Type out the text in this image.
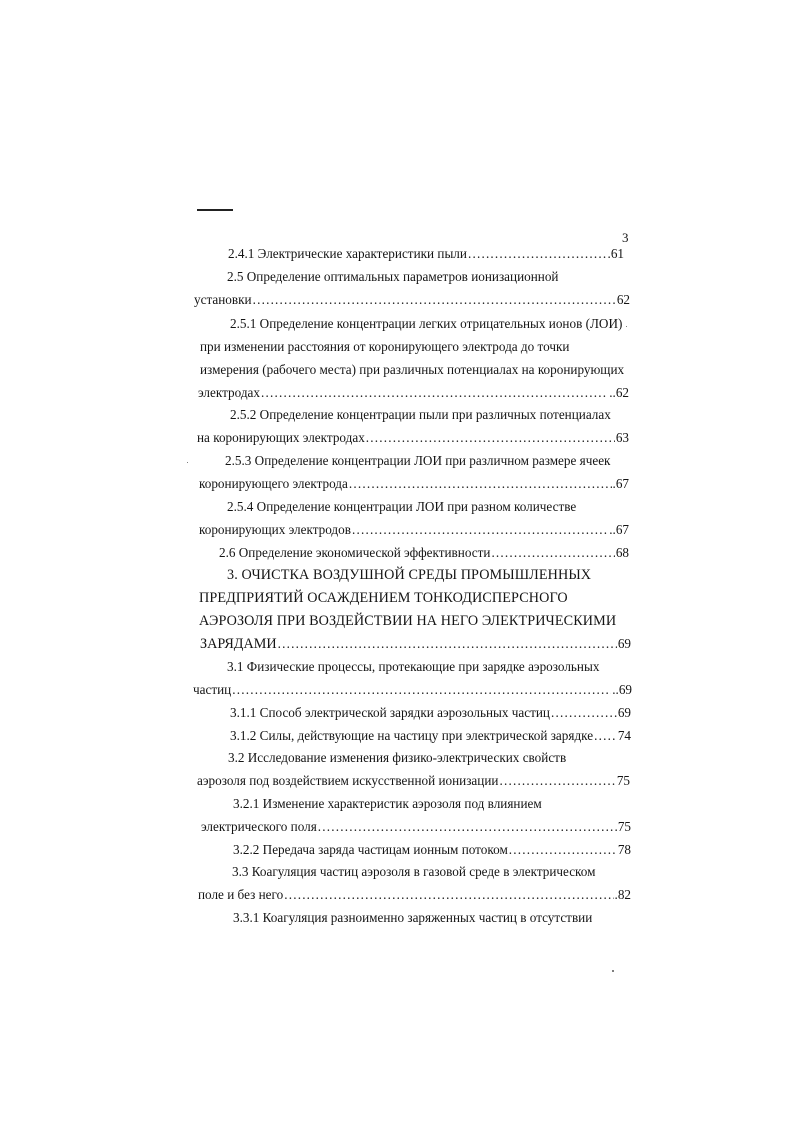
3
2.4.1 Электрические характеристики пыли .....	.61
2.5 Определение оптимальных параметров ионизационной
установки .....	62
2.5.1 Определение концентрации легких отрицательных ионов (ЛОИ)
при изменении расстояния от коронирующего электрода до точки
измерения (рабочего места) при различных потенциалах на коронирующих
электродах .....	..62
2.5.2 Определение концентрации пыли при различных потенциалах
на коронирующих электродах .....	63
2.5.3 Определение концентрации ЛОИ при различном размере ячеек
коронирующего электрода .....	.67
2.5.4 Определение концентрации ЛОИ при разном количестве
коронирующих электродов .....	..67
2.6 Определение экономической эффективности .....	68
3. ОЧИСТКА ВОЗДУШНОЙ СРЕДЫ ПРОМЫШЛЕННЫХ
ПРЕДПРИЯТИЙ ОСАЖДЕНИЕМ ТОНКОДИСПЕРСНОГО
АЭРОЗОЛЯ ПРИ ВОЗДЕЙСТВИИ НА НЕГО ЭЛЕКТРИЧЕСКИМИ
ЗАРЯДАМИ .....	69
3.1 Физические процессы, протекающие при зарядке аэрозольных
частиц .....	..69
3.1.1 Способ электрической зарядки аэрозольных частиц .....	69
3.1.2 Силы, действующие на частицу при электрической зарядке ..... 74
3.2 Исследование изменения физико-электрических свойств
аэрозоля под воздействием искусственной ионизации .....	75
3.2.1 Изменение характеристик аэрозоля под влиянием
электрического поля .....	75
3.2.2 Передача заряда частицам ионным потоком .....	78
3.3 Коагуляция частиц аэрозоля в газовой среде в электрическом
поле и без него .....	.82
3.3.1 Коагуляция разноименно заряженных частиц в отсутствии
